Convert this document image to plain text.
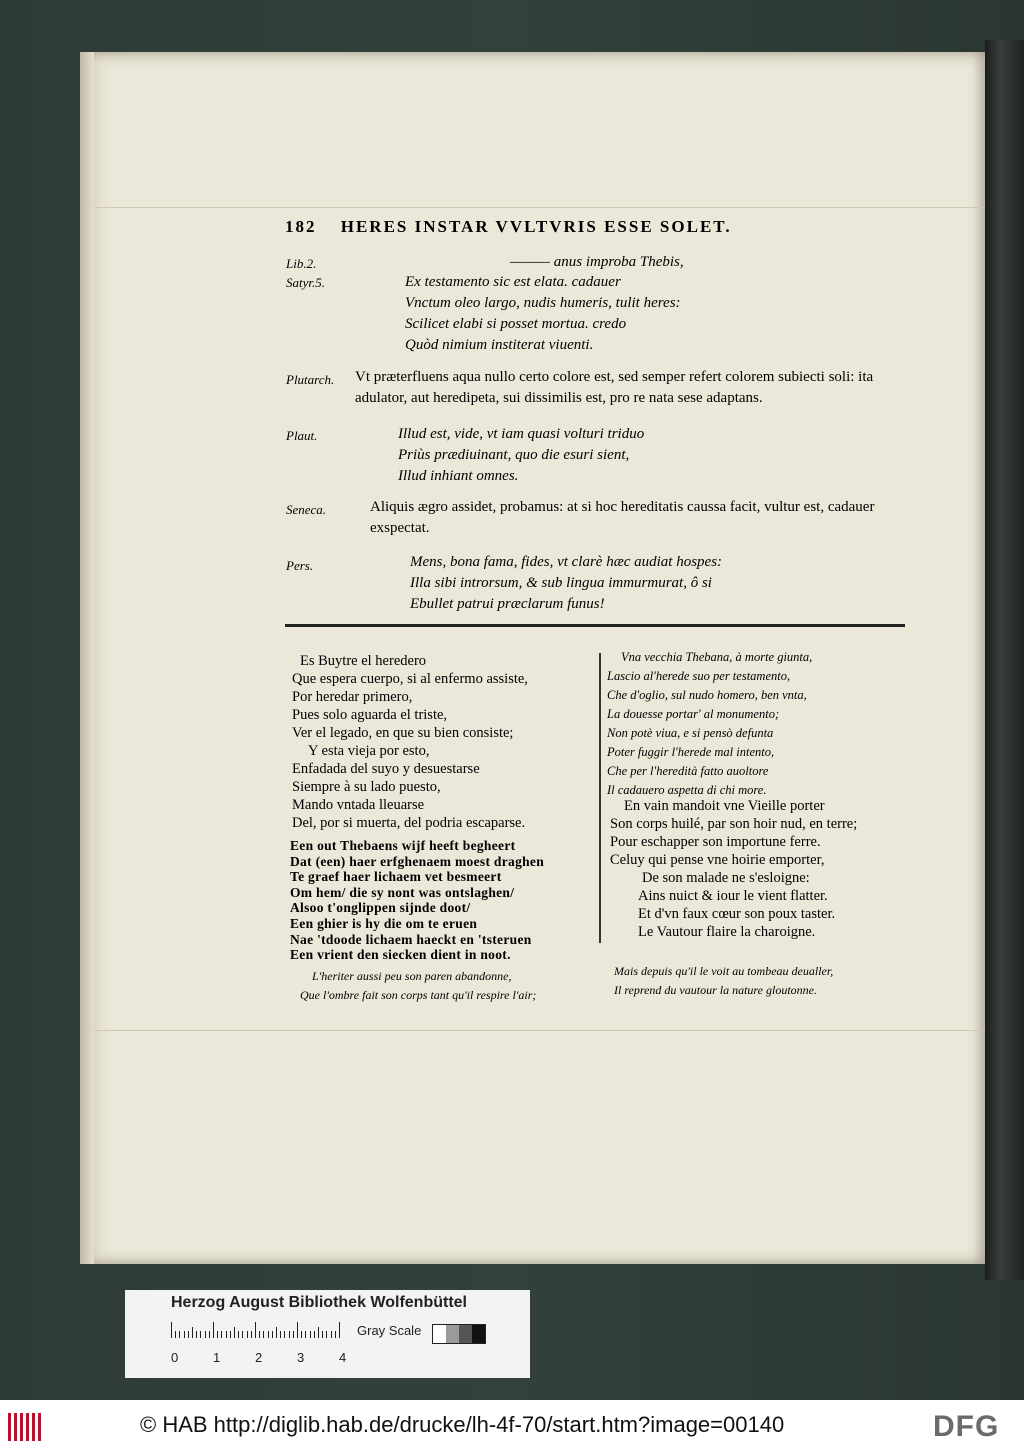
182 HERES INSTAR VVLTVRIS ESSE SOLET.
Lib.2.	——— anus improba Thebis,
Satyr.5.	Ex testamento sic est elata. cadauer
Vnctum oleo largo, nudis humeris, tulit heres:
Scilicet elabi si posset mortua. credo
Quòd nimium institerat viuenti.
Plutarch. Vt præterfluens aqua nullo certo colore est, sed semper refert colorem subiecti soli: ita adulator, aut heredipeta, sui dissimilis est, pro re nata sese adaptans.
Plaut.	Illud est, vide, vt iam quasi volturi triduo
Priùs prædiuinant, quo die esuri sient,
Illud inhiant omnes.
Seneca.	Aliquis ægro assidet, probamus: at si hoc hereditatis caussa facit, vultur est, cadauer exspectat.
Pers.	Mens, bona fama, fides, vt clarè hæc audiat hospes:
Illa sibi introrsum, & sub lingua immurmurat, ô si
Ebullet patrui præclarum funus!
Es Buytre el heredero
Que espera cuerpo, si al enfermo assiste,
Por heredar primero,
Pues solo aguarda el triste,
Ver el legado, en que su bien consiste;
Y esta vieja por esto,
Enfadada del suyo y desuestarse
Siempre à su lado puesto,
Mando vntada lleuarse
Del, por si muerta, del podria escaparse.
Een out Thebaens wijf heeft begheert
Dat (een) haer erfghenaem moest draghen
Te graef haer lichaem vet besmeert
Om hem/ die sy nont was ontslaghen/
Alsoo t'onglippen sijnde doot/
Een ghier is hy die om te eruen
Nae 'tdoode lichaem haeckt en 'tsteruen
Een vrient den siecken dient in noot.
L'heriter aussi peu son paren abandonne,
Que l'ombre fait son corps tant qu'il respire l'air;
Vna vecchia Thebana, à morte giunta,
Lascio al'herede suo per testamento,
Che d'oglio, sul nudo homero, ben vnta,
La douesse portar' al monumento;
Non potè viua, e si pensò defunta
Poter fuggir l'herede mal intento,
Che per l'heredità fatto auoltore
Il cadauero aspetta di chi more.
En vain mandoit vne Vieille porter
Son corps huilé, par son hoir nud, en terre;
Pour eschapper son importune ferre.
Celuy qui pense vne hoirie emporter,
De son malade ne s'esloigne:
Ains nuict & iour le vient flatter.
Et d'vn faux cœur son poux taster.
Le Vautour flaire la charoigne.
Mais depuis qu'il le voit au tombeau deualler,
Il reprend du vautour la nature gloutonne.
Herzog August Bibliothek Wolfenbüttel
Gray Scale
0	1	2	3	4
© HAB http://diglib.hab.de/drucke/lh-4f-70/start.htm?image=00140	DFG
